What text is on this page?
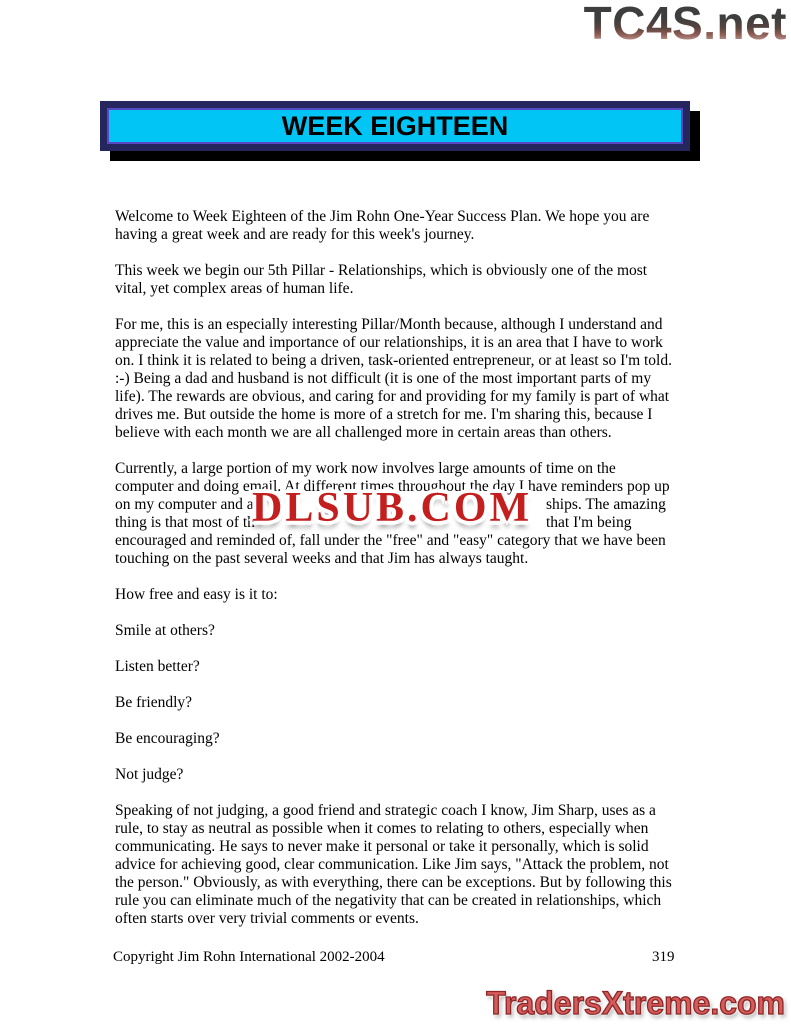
TC4S.net
WEEK EIGHTEEN

Welcome to Week Eighteen of the Jim Rohn One-Year Success Plan. We hope you are
having a great week and are ready for this week's journey.

This week we begin our 5th Pillar - Relationships, which is obviously one of the most
vital, yet complex areas of human life.

For me, this is an especially interesting Pillar/Month because, although I understand and
appreciate the value and importance of our relationships, it is an area that I have to work
on. I think it is related to being a driven, task-oriented entrepreneur, or at least so I'm told.
:-) Being a dad and husband is not difficult (it is one of the most important parts of my
life). The rewards are obvious, and caring for and providing for my family is part of what
drives me. But outside the home is more of a stretch for me. I'm sharing this, because I
believe with each month we are all challenged more in certain areas than others.

Currently, a large portion of my work now involves large amounts of time on the
computer and doing email. At different times throughout the day I have reminders pop up
on my computer and a	ships. The amazing
thing is that most of th	that I'm being
encouraged and reminded of, fall under the "free" and "easy" category that we have been
touching on the past several weeks and that Jim has always taught.

How free and easy is it to:

Smile at others?

Listen better?

Be friendly?

Be encouraging?

Not judge?

Speaking of not judging, a good friend and strategic coach I know, Jim Sharp, uses as a
rule, to stay as neutral as possible when it comes to relating to others, especially when
communicating. He says to never make it personal or take it personally, which is solid
advice for achieving good, clear communication. Like Jim says, "Attack the problem, not
the person." Obviously, as with everything, there can be exceptions. But by following this
rule you can eliminate much of the negativity that can be created in relationships, which
often starts over very trivial comments or events.

DLSUB.COM
Copyright Jim Rohn International 2002-2004	319
TradersXtreme.com
